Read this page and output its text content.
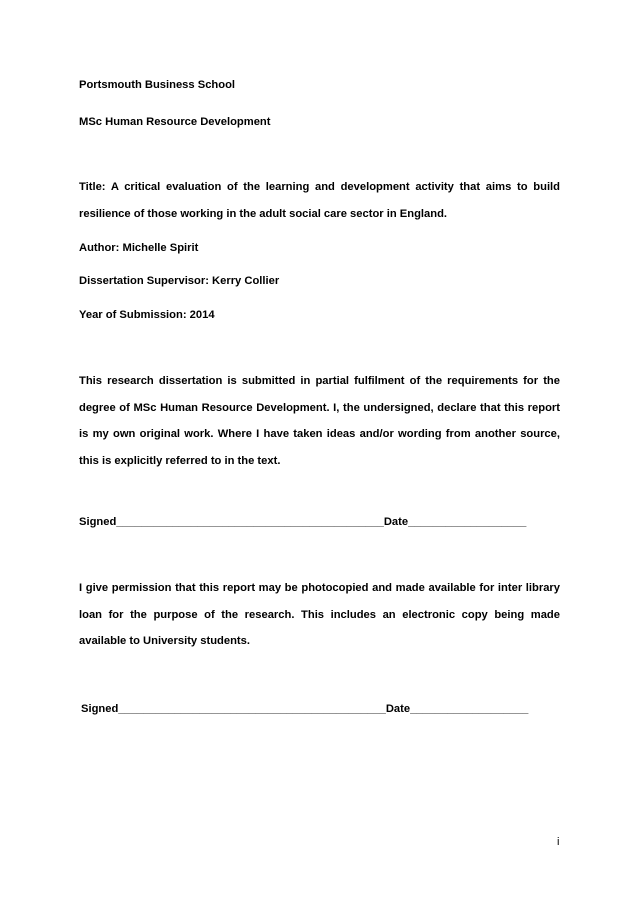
Portsmouth Business School
MSc Human Resource Development
Title: A critical evaluation of the learning and development activity that aims to build resilience of those working in the adult social care sector in England.
Author: Michelle Spirit
Dissertation Supervisor: Kerry Collier
Year of Submission: 2014
This research dissertation is submitted in partial fulfilment of the requirements for the degree of MSc Human Resource Development. I, the undersigned, declare that this report is my own original work. Where I have taken ideas and/or wording from another source, this is explicitly referred to in the text.
Signed___________________________________________Date___________________
I give permission that this report may be photocopied and made available for inter library loan for the purpose of the research. This includes an electronic copy being made available to University students.
Signed___________________________________________Date___________________
i
